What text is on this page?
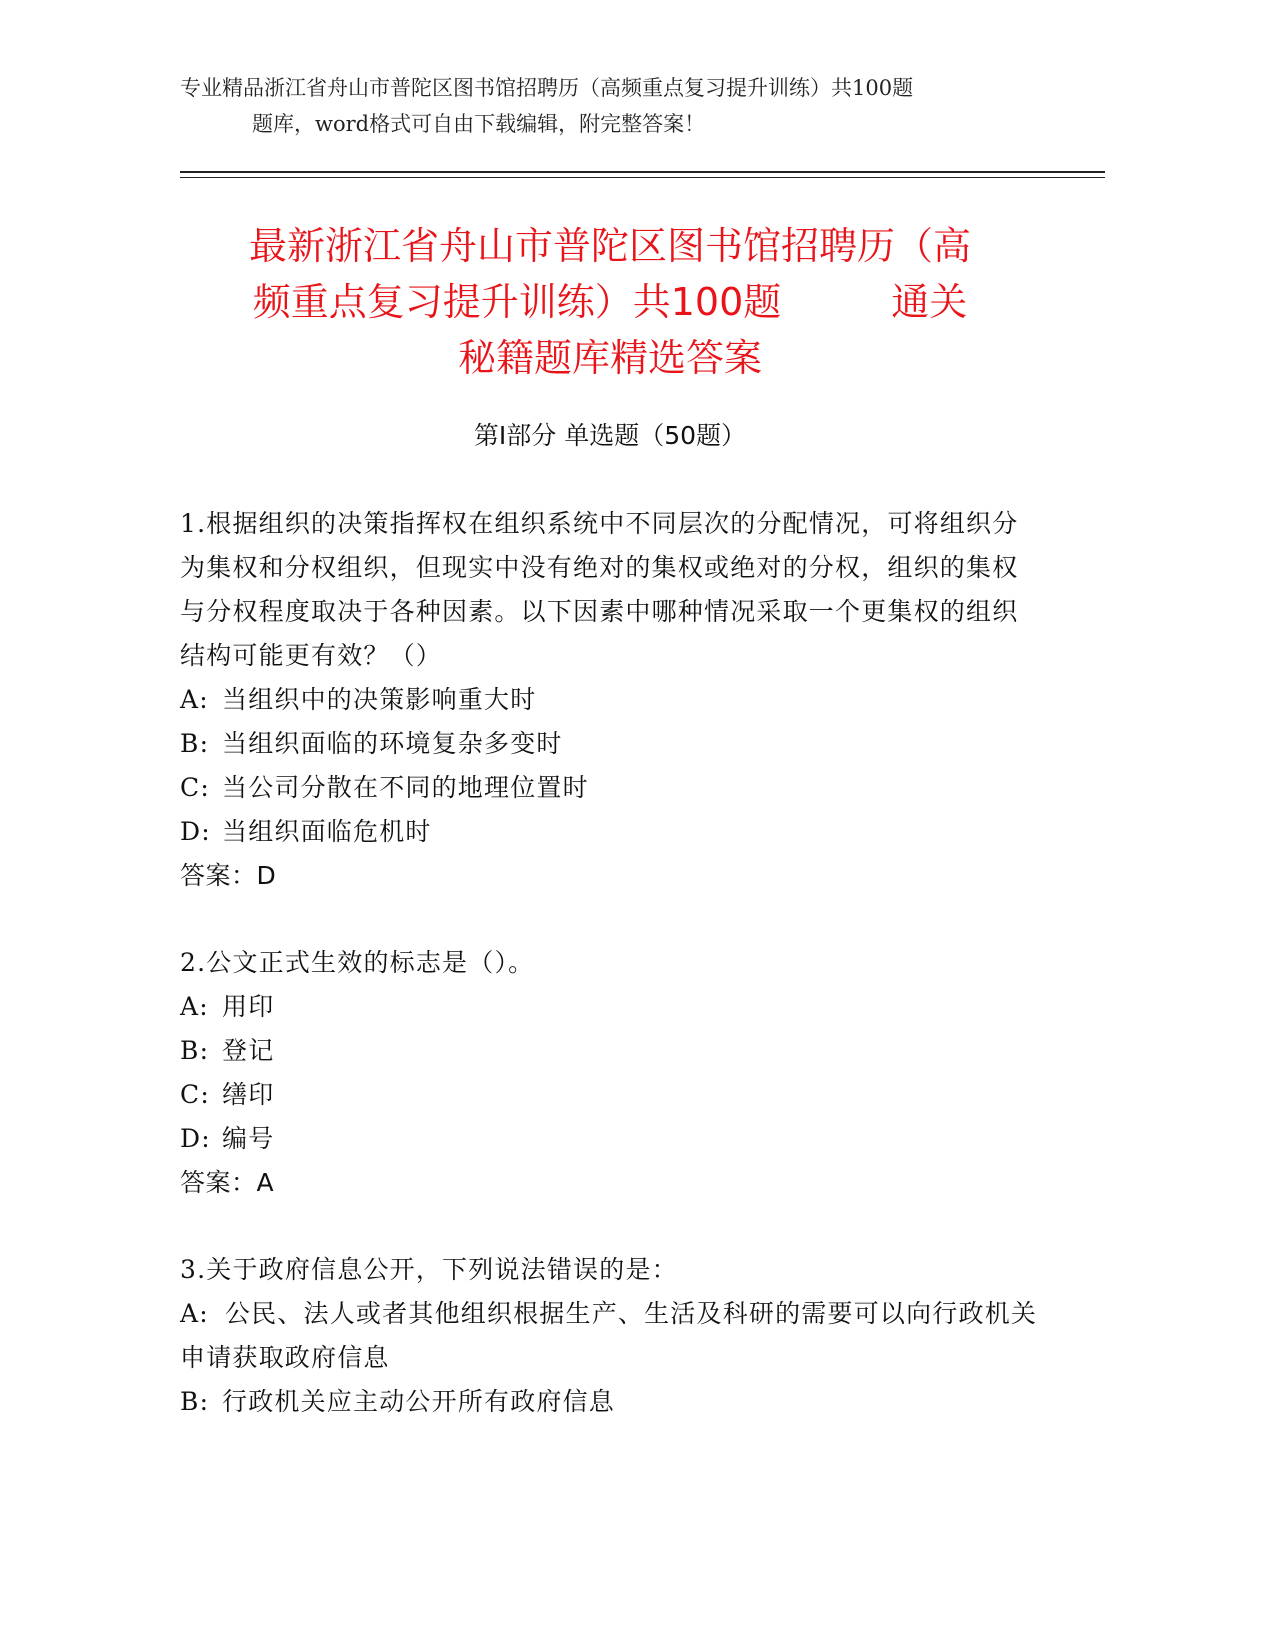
专业精品浙江省舟山市普陀区图书馆招聘历（高频重点复习提升训练）共100题
题库，word格式可自由下载编辑，附完整答案！
最新浙江省舟山市普陀区图书馆招聘历（高
频重点复习提升训练）共100题	通关
秘籍题库精选答案
第Ⅰ部分 单选题（50题）
1.根据组织的决策指挥权在组织系统中不同层次的分配情况，可将组织分为集权和分权组织，但现实中没有绝对的集权或绝对的分权，组织的集权与分权程度取决于各种因素。以下因素中哪种情况采取一个更集权的组织结构可能更有效？（）
A: 当组织中的决策影响重大时
B: 当组织面临的环境复杂多变时
C: 当公司分散在不同的地理位置时
D: 当组织面临危机时
答案：D
2.公文正式生效的标志是（）。
A: 用印
B: 登记
C: 缮印
D: 编号
答案：A
3.关于政府信息公开，下列说法错误的是：
A: 公民、法人或者其他组织根据生产、生活及科研的需要可以向行政机关申请获取政府信息
B: 行政机关应主动公开所有政府信息
